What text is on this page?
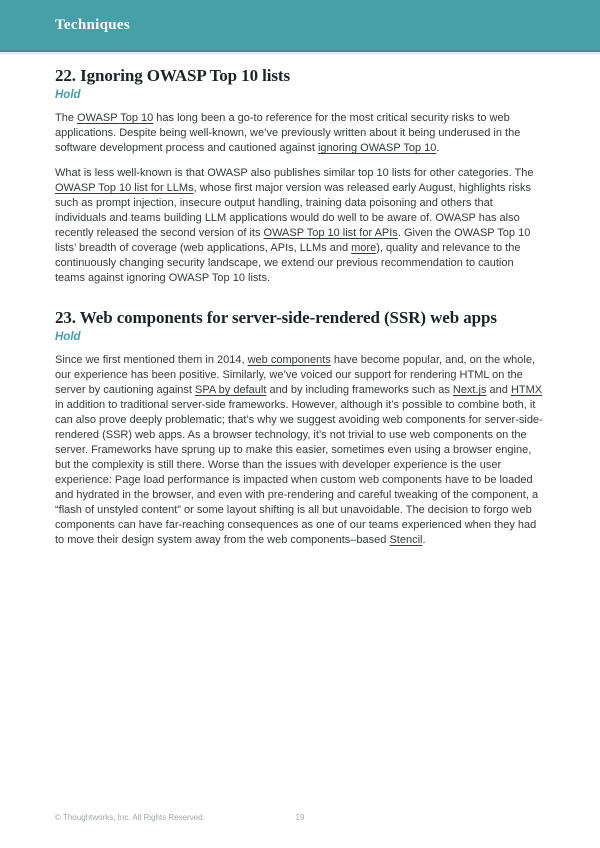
Techniques
22. Ignoring OWASP Top 10 lists
Hold

The OWASP Top 10 has long been a go-to reference for the most critical security risks to web applications. Despite being well-known, we’ve previously written about it being underused in the software development process and cautioned against ignoring OWASP Top 10.

What is less well-known is that OWASP also publishes similar top 10 lists for other categories. The OWASP Top 10 list for LLMs, whose first major version was released early August, highlights risks such as prompt injection, insecure output handling, training data poisoning and others that individuals and teams building LLM applications would do well to be aware of. OWASP has also recently released the second version of its OWASP Top 10 list for APIs. Given the OWASP Top 10 lists’ breadth of coverage (web applications, APIs, LLMs and more), quality and relevance to the continuously changing security landscape, we extend our previous recommendation to caution teams against ignoring OWASP Top 10 lists.

23. Web components for server-side-rendered (SSR) web apps
Hold

Since we first mentioned them in 2014, web components have become popular, and, on the whole, our experience has been positive. Similarly, we’ve voiced our support for rendering HTML on the server by cautioning against SPA by default and by including frameworks such as Next.js and HTMX in addition to traditional server-side frameworks. However, although it’s possible to combine both, it can also prove deeply problematic; that’s why we suggest avoiding web components for server-side-rendered (SSR) web apps. As a browser technology, it’s not trivial to use web components on the server. Frameworks have sprung up to make this easier, sometimes even using a browser engine, but the complexity is still there. Worse than the issues with developer experience is the user experience: Page load performance is impacted when custom web components have to be loaded and hydrated in the browser, and even with pre-rendering and careful tweaking of the component, a “flash of unstyled content” or some layout shifting is all but unavoidable. The decision to forgo web components can have far-reaching consequences as one of our teams experienced when they had to move their design system away from the web components–based Stencil.

© Thoughtworks, Inc. All Rights Reserved.	19
